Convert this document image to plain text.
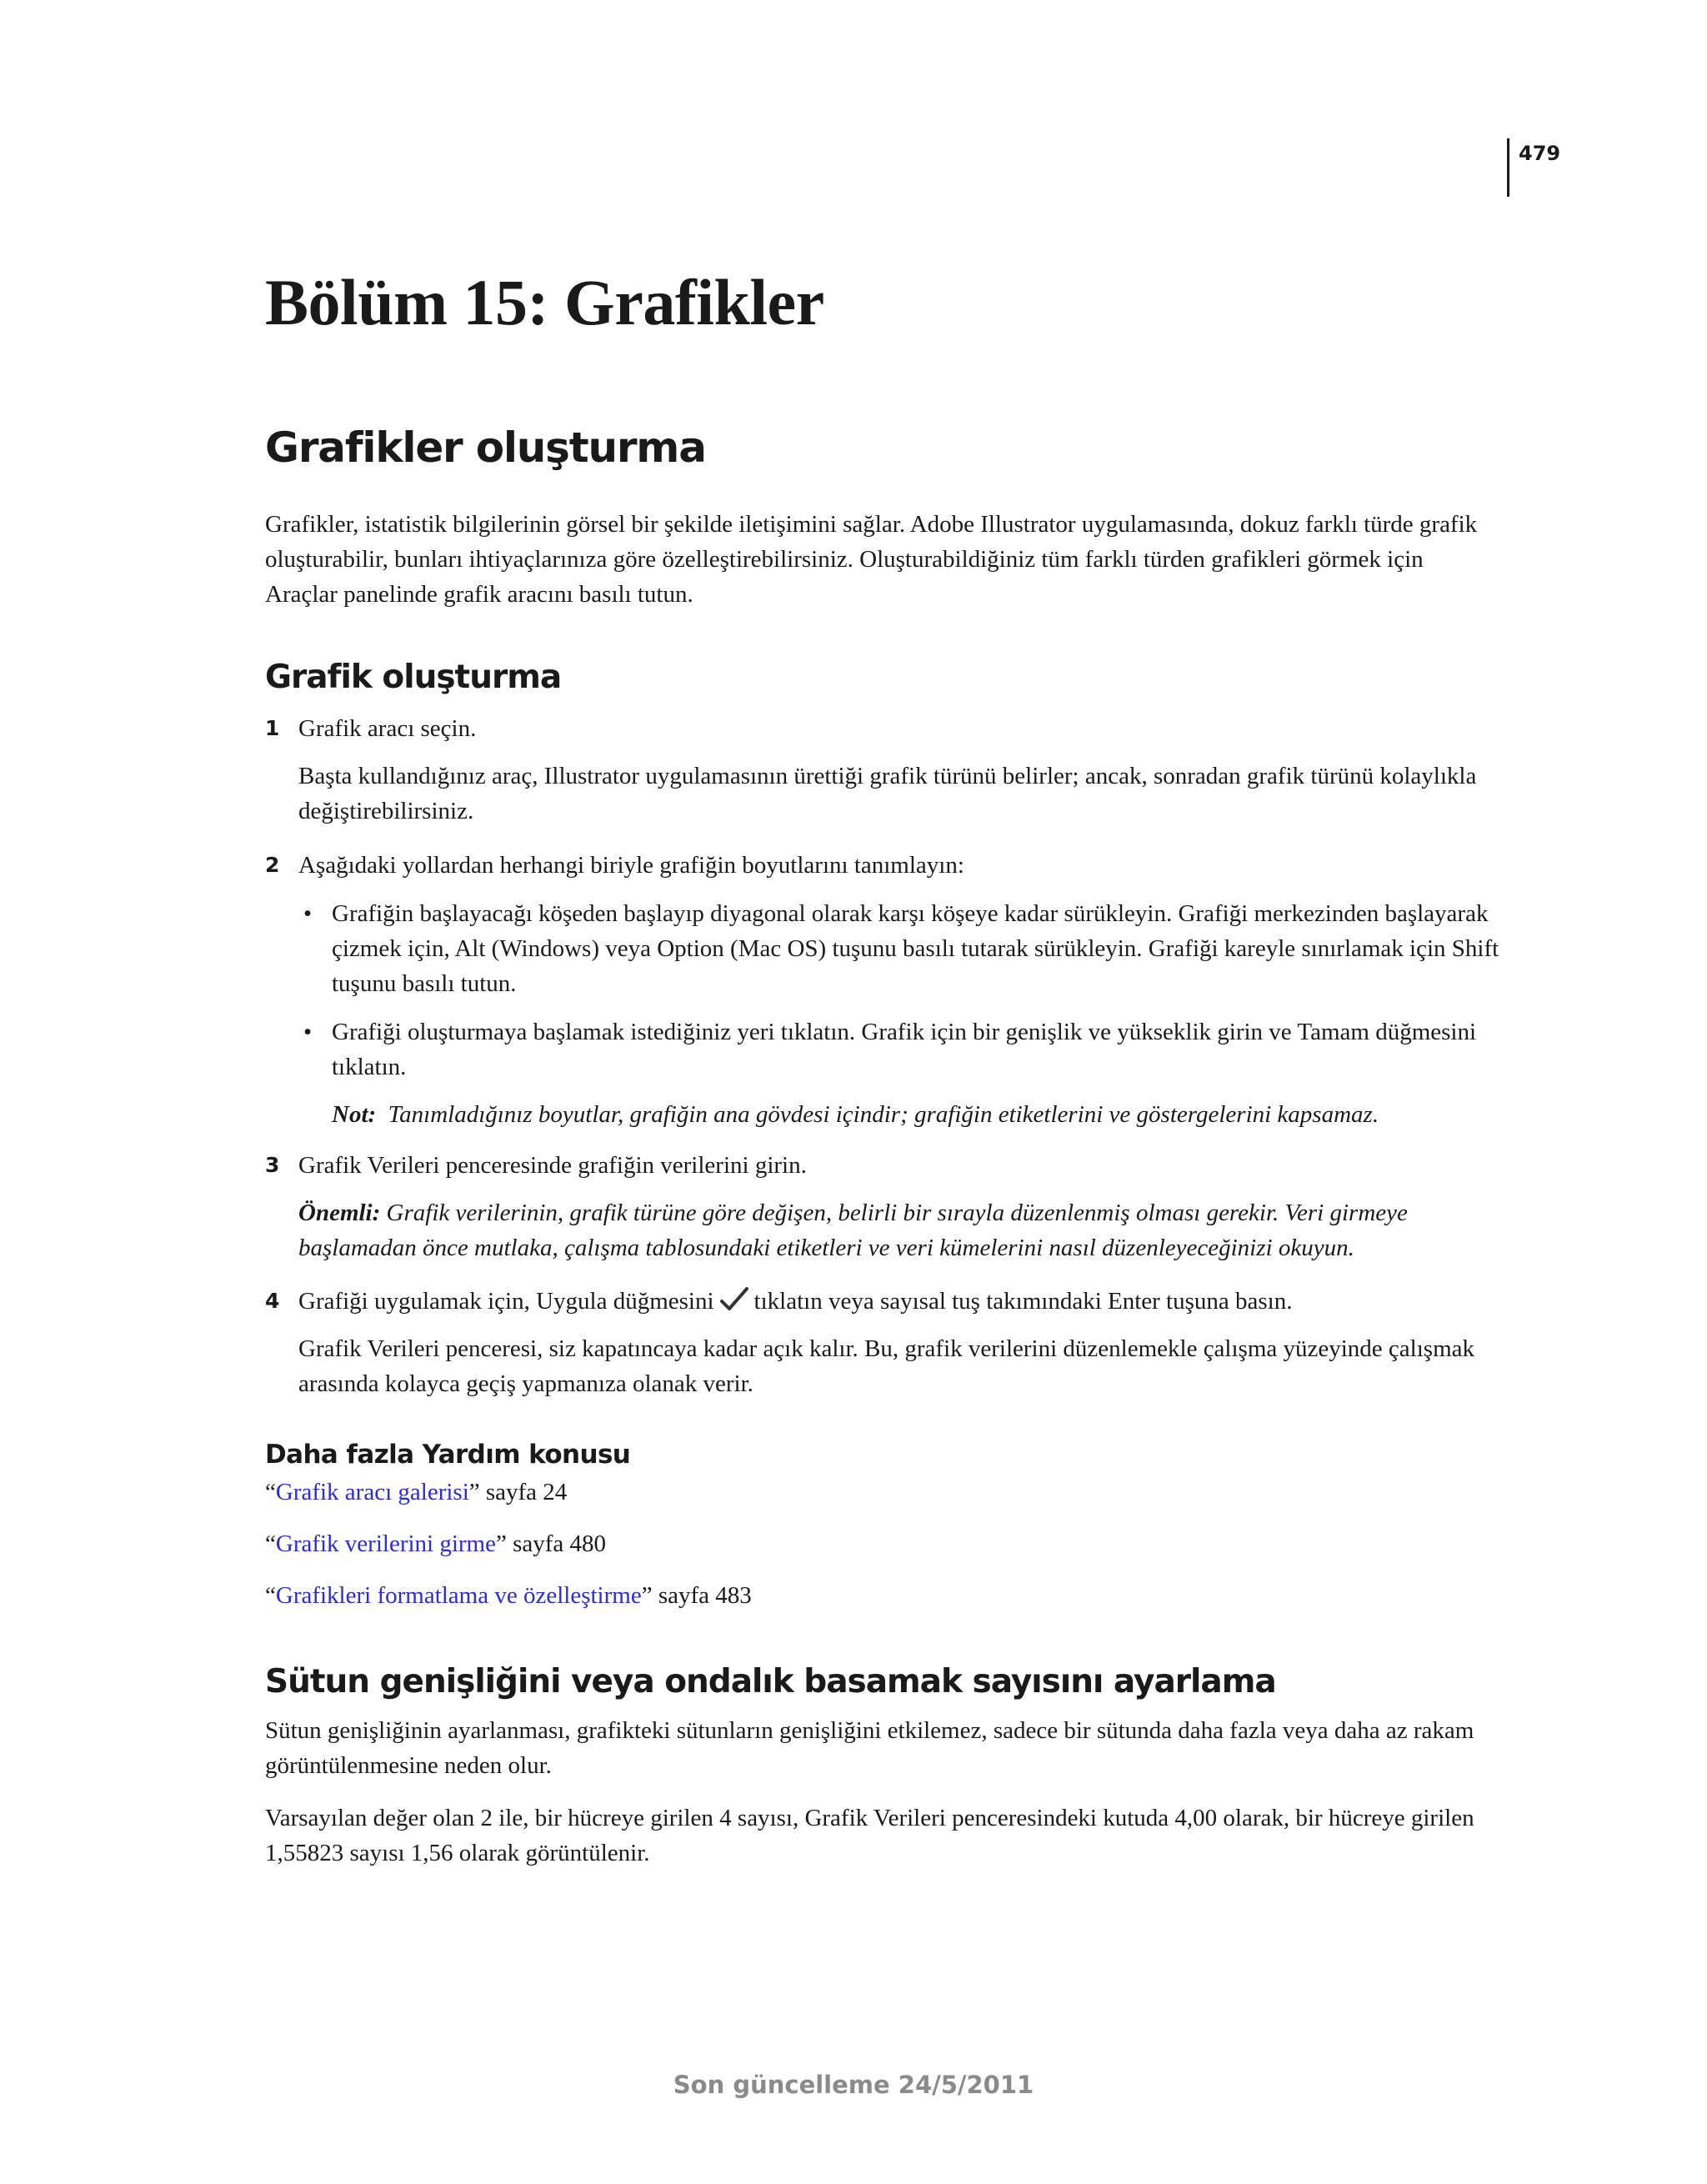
479
Bölüm 15: Grafikler
Grafikler oluşturma

Grafikler, istatistik bilgilerinin görsel bir şekilde iletişimini sağlar. Adobe Illustrator uygulamasında, dokuz farklı türde grafik oluşturabilir, bunları ihtiyaçlarınıza göre özelleştirebilirsiniz. Oluşturabildiğiniz tüm farklı türden grafikleri görmek için Araçlar panelinde grafik aracını basılı tutun.

Grafik oluşturma
1 Grafik aracı seçin.

Başta kullandığınız araç, Illustrator uygulamasının ürettiği grafik türünü belirler; ancak, sonradan grafik türünü kolaylıkla değiştirebilirsiniz.

2 Aşağıdaki yollardan herhangi biriyle grafiğin boyutlarını tanımlayın:
• Grafiğin başlayacağı köşeden başlayıp diyagonal olarak karşı köşeye kadar sürükleyin. Grafiği merkezinden başlayarak çizmek için, Alt (Windows) veya Option (Mac OS) tuşunu basılı tutarak sürükleyin. Grafiği kareyle sınırlamak için Shift tuşunu basılı tutun.

• Grafiği oluşturmaya başlamak istediğiniz yeri tıklatın. Grafik için bir genişlik ve yükseklik girin ve Tamam düğmesini tıklatın.

Not: Tanımladığınız boyutlar, grafiğin ana gövdesi içindir; grafiğin etiketlerini ve göstergelerini kapsamaz.

3 Grafik Verileri penceresinde grafiğin verilerini girin.

Önemli: Grafik verilerinin, grafik türüne göre değişen, belirli bir sırayla düzenlenmiş olması gerekir. Veri girmeye başlamadan önce mutlaka, çalışma tablosundaki etiketleri ve veri kümelerini nasıl düzenleyeceğinizi okuyun.

4 Grafiği uygulamak için, Uygula düğmesini tıklatın veya sayısal tuş takımındaki Enter tuşuna basın.

Grafik Verileri penceresi, siz kapatıncaya kadar açık kalır. Bu, grafik verilerini düzenlemekle çalışma yüzeyinde çalışmak arasında kolayca geçiş yapmanıza olanak verir.

Daha fazla Yardım konusu
“Grafik aracı galerisi” sayfa 24
“Grafik verilerini girme” sayfa 480
“Grafikleri formatlama ve özelleştirme” sayfa 483
Sütun genişliğini veya ondalık basamak sayısını ayarlama

Sütun genişliğinin ayarlanması, grafikteki sütunların genişliğini etkilemez, sadece bir sütunda daha fazla veya daha az rakam görüntülenmesine neden olur.

Varsayılan değer olan 2 ile, bir hücreye girilen 4 sayısı, Grafik Verileri penceresindeki kutuda 4,00 olarak, bir hücreye girilen 1,55823 sayısı 1,56 olarak görüntülenir.

Son güncelleme 24/5/2011
